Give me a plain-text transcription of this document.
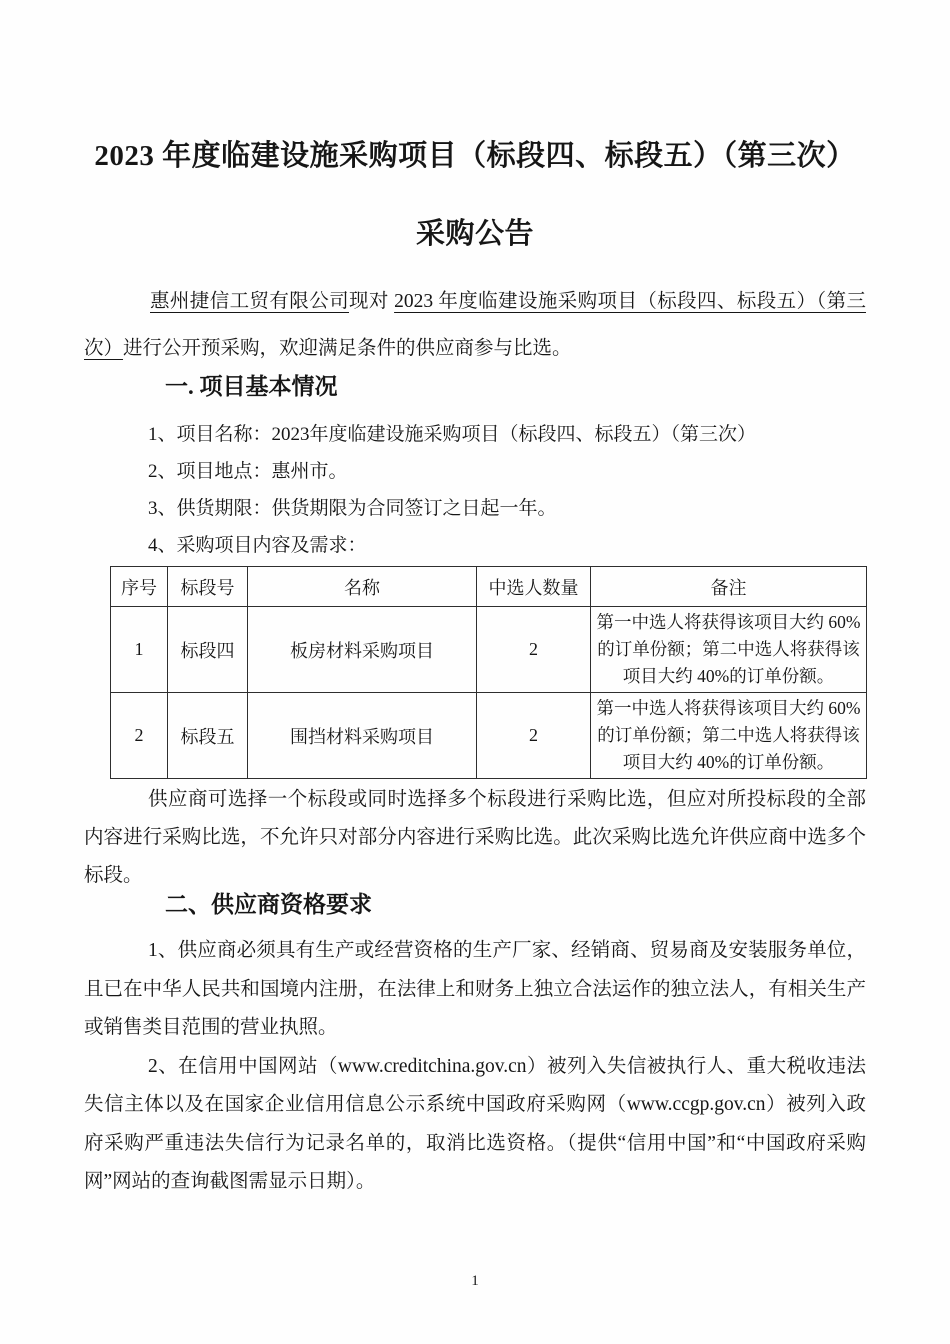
2023 年度临建设施采购项目（标段四、标段五）（第三次）
采购公告

惠州捷信工贸有限公司现对 2023 年度临建设施采购项目（标段四、标段五）（第三次）进行公开预采购，欢迎满足条件的供应商参与比选。

一. 项目基本情况
1、项目名称：2023年度临建设施采购项目（标段四、标段五）（第三次）
2、项目地点：惠州市。
3、供货期限：供货期限为合同签订之日起一年。
4、采购项目内容及需求：
序号	标段号	名称	中选人数量	备注
1	标段四	板房材料采购项目	2	第一中选人将获得该项目大约 60%的订单份额；第二中选人将获得该项目大约 40%的订单份额。
2	标段五	围挡材料采购项目	2	第一中选人将获得该项目大约 60%的订单份额；第二中选人将获得该项目大约 40%的订单份额。

供应商可选择一个标段或同时选择多个标段进行采购比选，但应对所投标段的全部内容进行采购比选，不允许只对部分内容进行采购比选。此次采购比选允许供应商中选多个标段。

二、供应商资格要求

1、供应商必须具有生产或经营资格的生产厂家、经销商、贸易商及安装服务单位，且已在中华人民共和国境内注册，在法律上和财务上独立合法运作的独立法人，有相关生产或销售类目范围的营业执照。

2、在信用中国网站（www.creditchina.gov.cn）被列入失信被执行人、重大税收违法失信主体以及在国家企业信用信息公示系统中国政府采购网（www.ccgp.gov.cn）被列入政府采购严重违法失信行为记录名单的，取消比选资格。（提供“信用中国”和“中国政府采购网”网站的查询截图需显示日期）。

1
